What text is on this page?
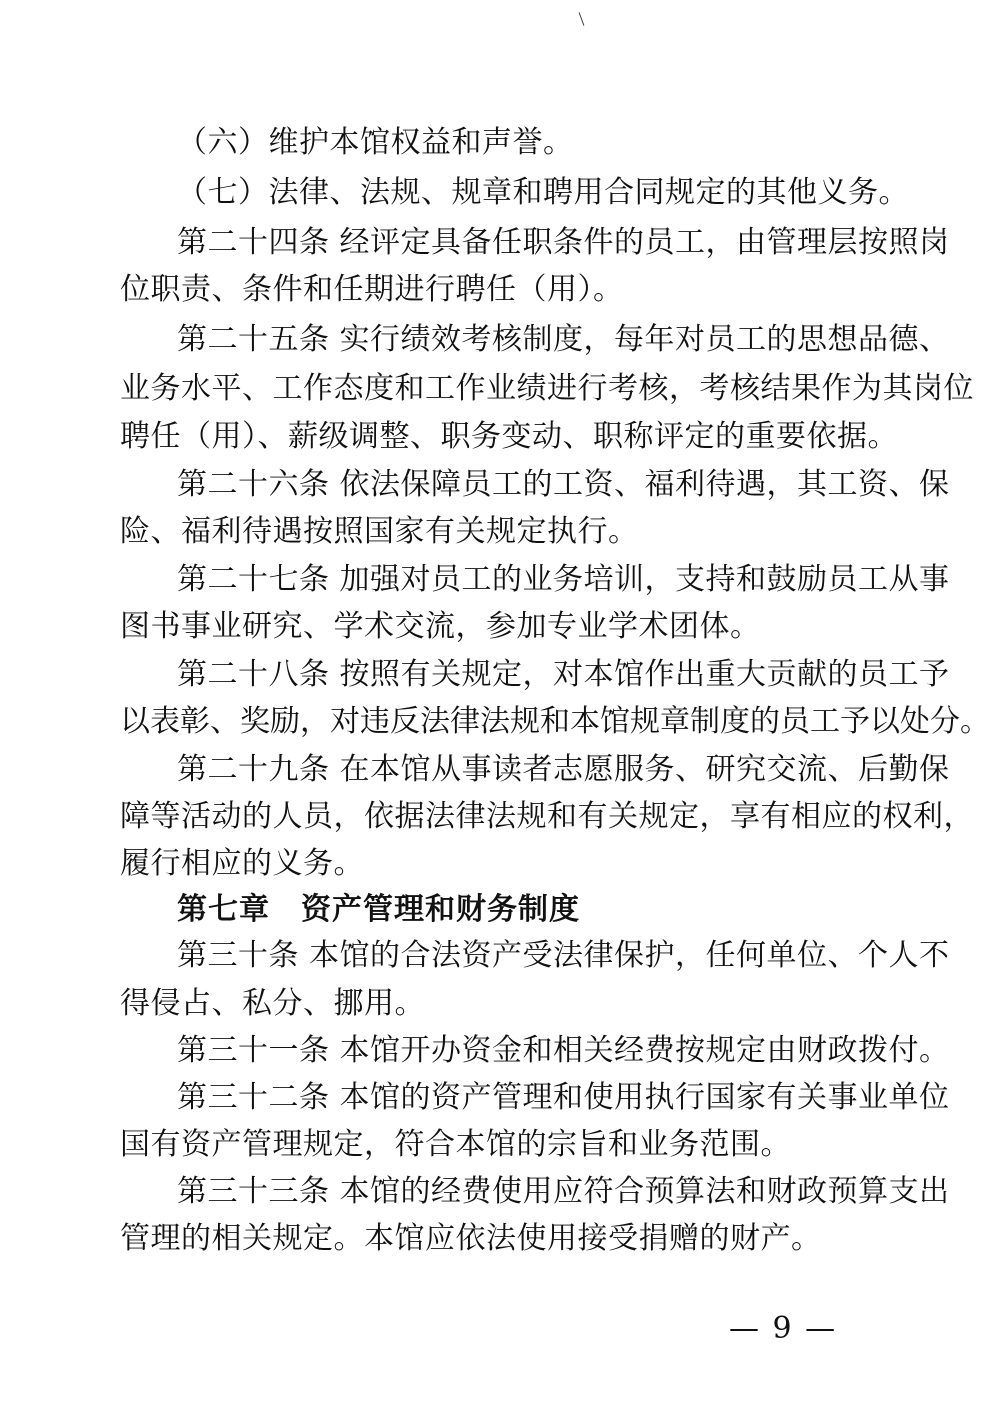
（六）维护本馆权益和声誉。
（七）法律、法规、规章和聘用合同规定的其他义务。
第二十四条 经评定具备任职条件的员工，由管理层按照岗
位职责、条件和任期进行聘任（用）。
第二十五条 实行绩效考核制度，每年对员工的思想品德、
业务水平、工作态度和工作业绩进行考核，考核结果作为其岗位
聘任（用）、薪级调整、职务变动、职称评定的重要依据。
第二十六条 依法保障员工的工资、福利待遇，其工资、保
险、福利待遇按照国家有关规定执行。
第二十七条 加强对员工的业务培训，支持和鼓励员工从事
图书事业研究、学术交流，参加专业学术团体。
第二十八条 按照有关规定，对本馆作出重大贡献的员工予
以表彰、奖励，对违反法律法规和本馆规章制度的员工予以处分。
第二十九条 在本馆从事读者志愿服务、研究交流、后勤保
障等活动的人员，依据法律法规和有关规定，享有相应的权利，
履行相应的义务。
第七章　资产管理和财务制度
第三十条 本馆的合法资产受法律保护，任何单位、个人不
得侵占、私分、挪用。
第三十一条 本馆开办资金和相关经费按规定由财政拨付。
第三十二条 本馆的资产管理和使用执行国家有关事业单位
国有资产管理规定，符合本馆的宗旨和业务范围。
第三十三条 本馆的经费使用应符合预算法和财政预算支出
管理的相关规定。本馆应依法使用接受捐赠的财产。
— 9 —
